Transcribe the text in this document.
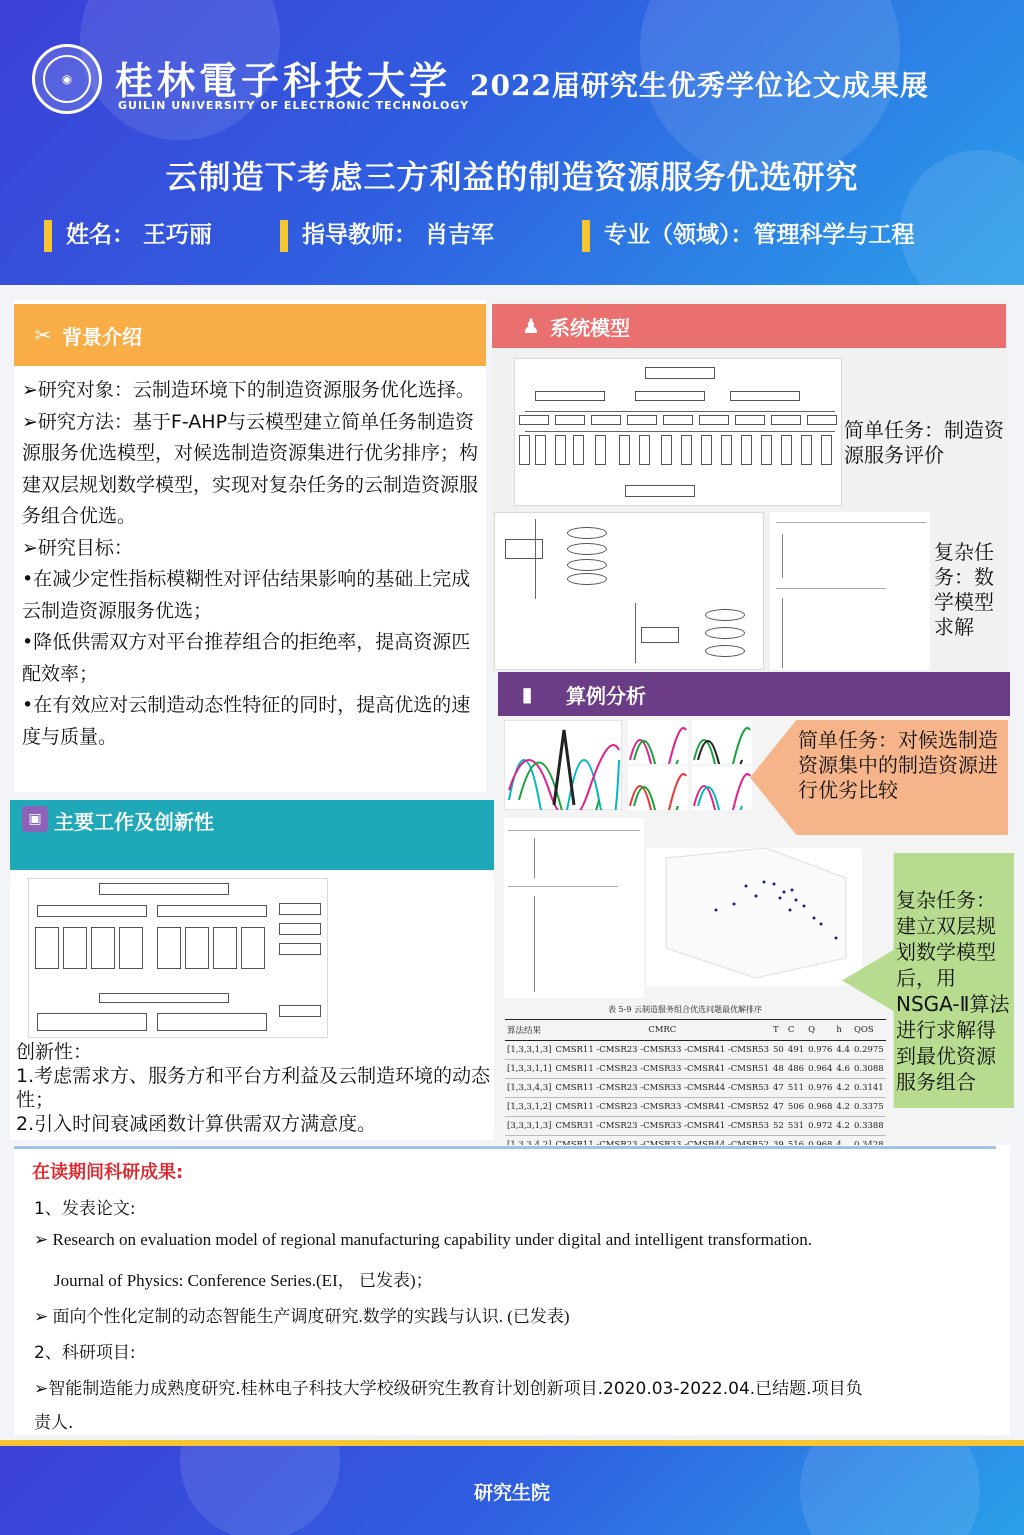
◉	桂林電子科技大学
GUILIN UNIVERSITY OF ELECTRONIC TECHNOLOGY
2022届研究生优秀学位论文成果展
云制造下考虑三方利益的制造资源服务优选研究
姓名： 王巧丽	指导教师： 肖吉军	专业（领域）：管理科学与工程
✂ 背景介绍

➢研究对象：云制造环境下的制造资源服务优化选择。

➢研究方法：基于F-AHP与云模型建立简单任务制造资源服务优选模型，对候选制造资源集进行优劣排序；构建双层规划数学模型，实现对复杂任务的云制造资源服务组合优选。

➢研究目标：

•在减少定性指标模糊性对评估结果影响的基础上完成云制造资源服务优选；

•降低供需双方对平台推荐组合的拒绝率，提高资源匹配效率；

•在有效应对云制造动态性特征的同时，提高优选的速度与质量。

▣ 主要工作及创新性
创新性：
1.考虑需求方、服务方和平台方利益及云制造环境的动态性；
2.引入时间衰减函数计算供需双方满意度。
♟ 系统模型
简单任务：制造资源服务评价
复杂任务：数学模型求解
▮	算例分析
简单任务：对候选制造资源集中的制造资源进行优劣比较
复杂任务：建立双层规划数学模型后，用NSGA-Ⅱ算法进行求解得到最优资源服务组合
表 5-9 云制造服务组合优选问题最优解排序
算法结果	CMRC	T	C	Q	h	QOS
[1,3,3,1,3]	CMSR11 -CMSR23 -CMSR33 -CMSR41 -CMSR53	50	491	0.976	4.4	0.2975
[1,3,3,1,1]	CMSR11 -CMSR23 -CMSR33 -CMSR41 -CMSR51	48	486	0.964	4.6	0.3088
[1,3,3,4,3]	CMSR11 -CMSR23 -CMSR33 -CMSR44 -CMSR53	47	511	0.976	4.2	0.3141
[1,3,3,1,2]	CMSR11 -CMSR23 -CMSR33 -CMSR41 -CMSR52	47	506	0.968	4.2	0.3375
[3,3,3,1,3]	CMSR31 -CMSR23 -CMSR33 -CMSR41 -CMSR53	52	531	0.972	4.2	0.3388

在读期间科研成果:
1、发表论文:
➢ Research on evaluation model of regional manufacturing capability under digital and intelligent transformation.
Journal of Physics: Conference Series.(EI， 已发表)；
➢ 面向个性化定制的动态智能生产调度研究.数学的实践与认识. (已发表)
2、科研项目:
➢智能制造能力成熟度研究.桂林电子科技大学校级研究生教育计划创新项目.2020.03-2022.04.已结题.项目负
责人.
研究生院
